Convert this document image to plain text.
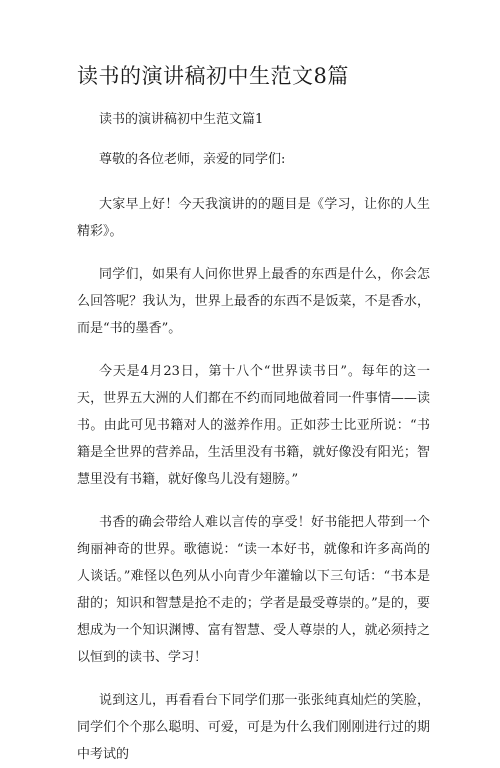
读书的演讲稿初中生范文8篇

读书的演讲稿初中生范文篇1

尊敬的各位老师，亲爱的同学们:

大家早上好！今天我演讲的的题目是《学习，让你的人生精彩》。

同学们，如果有人问你世界上最香的东西是什么，你会怎么回答呢？我认为，世界上最香的东西不是饭菜，不是香水，而是“书的墨香”。

今天是4月23日，第十八个“世界读书日”。每年的这一天，世界五大洲的人们都在不约而同地做着同一件事情——读书。由此可见书籍对人的滋养作用。正如莎士比亚所说：“书籍是全世界的营养品，生活里没有书籍，就好像没有阳光；智慧里没有书籍，就好像鸟儿没有翅膀。”

书香的确会带给人难以言传的享受！好书能把人带到一个绚丽神奇的世界。歌德说：“读一本好书，就像和许多高尚的人谈话。”难怪以色列从小向青少年灌输以下三句话：“书本是甜的；知识和智慧是抢不走的；学者是最受尊崇的。”是的，要想成为一个知识渊博、富有智慧、受人尊崇的人，就必须持之以恒到的读书、学习！

说到这儿，再看看台下同学们那一张张纯真灿烂的笑脸，同学们个个那么聪明、可爱，可是为什么我们刚刚进行过的期中考试的
